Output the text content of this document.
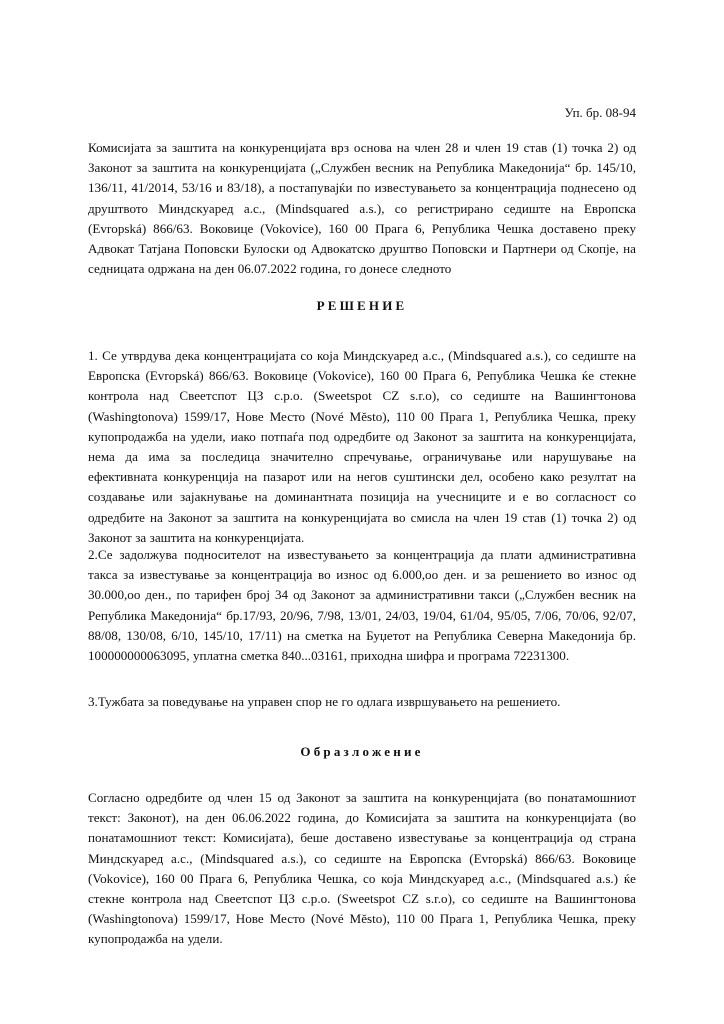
Уп. бр. 08-94

Комисијата за заштита на конкуренцијата врз основа на член 28 и член 19 став (1) точка 2) од Законот за заштита на конкуренцијата („Службен весник на Република Македонија“ бр. 145/10, 136/11, 41/2014, 53/16 и 83/18), а постапувајќи по известувањето за концентрација поднесено од друштвото Миндскуаред а.с., (Mindsquared a.s.), со регистрирано седиште на Европска (Evropská) 866/63. Воковице (Vokovice), 160 00 Прага 6, Република Чешка доставено преку Адвокат Татјана Поповски Булоски од Адвокатско друштво Поповски и Партнери од Скопје, на седницата одржана на ден 06.07.2022 година, го донесе следното

РЕШЕНИЕ

1. Се утврдува дека концентрацијата со која Миндскуаред а.с., (Mindsquared a.s.), со седиште на Европска (Evropská) 866/63. Воковице (Vokovice), 160 00 Прага 6, Република Чешка ќе стекне контрола над Свеетспот ЦЗ с.р.о. (Sweetspot CZ s.r.o), со седиште на Вашингтонова (Washingtonova) 1599/17, Нове Место (Nové Město), 110 00 Прага 1, Република Чешка, преку купопродажба на удели, иако потпаѓа под одредбите од Законот за заштита на конкуренцијата, нема да има за последица значително спречување, ограничување или нарушување на ефективната конкуренција на пазарот или на негов суштински дел, особено како резултат на создавање или зајакнување на доминантната позиција на учесниците и е во согласност со одредбите на Законот за заштита на конкуренцијата во смисла на член 19 став (1) точка 2) од Законот за заштита на конкуренцијата.

2.Се задолжува подносителот на известувањето за концентрација да плати административна такса за известување за концентрација во износ од 6.000,оо ден. и за решението во износ од 30.000,оо ден., по тарифен број 34 од Законот за административни такси („Службен весник на Република Македонија“ бр.17/93, 20/96, 7/98, 13/01, 24/03, 19/04, 61/04, 95/05, 7/06, 70/06, 92/07, 88/08, 130/08, 6/10, 145/10, 17/11) на сметка на Буџетот на Република Северна Македонија бр. 100000000063095, уплатна сметка 840...03161, приходна шифра и програма 72231300.

3.Тужбата за поведување на управен спор не го одлага извршувањето на решението.

Образложение

Согласно одредбите од член 15 од Законот за заштита на конкуренцијата (во понатамошниот текст: Законот), на ден 06.06.2022 година, до Комисијата за заштита на конкуренцијата (во понатамошниот текст: Комисијата), беше доставено известување за концентрација од страна Миндскуаред а.с., (Mindsquared a.s.), со седиште на Европска (Evropská) 866/63. Воковице (Vokovice), 160 00 Прага 6, Република Чешка, со која Миндскуаред а.с., (Mindsquared a.s.) ќе стекне контрола над Свеетспот ЦЗ с.р.о. (Sweetspot CZ s.r.o), со седиште на Вашингтонова (Washingtonova) 1599/17, Нове Место (Nové Město), 110 00 Прага 1, Република Чешка, преку купопродажба на удели.
